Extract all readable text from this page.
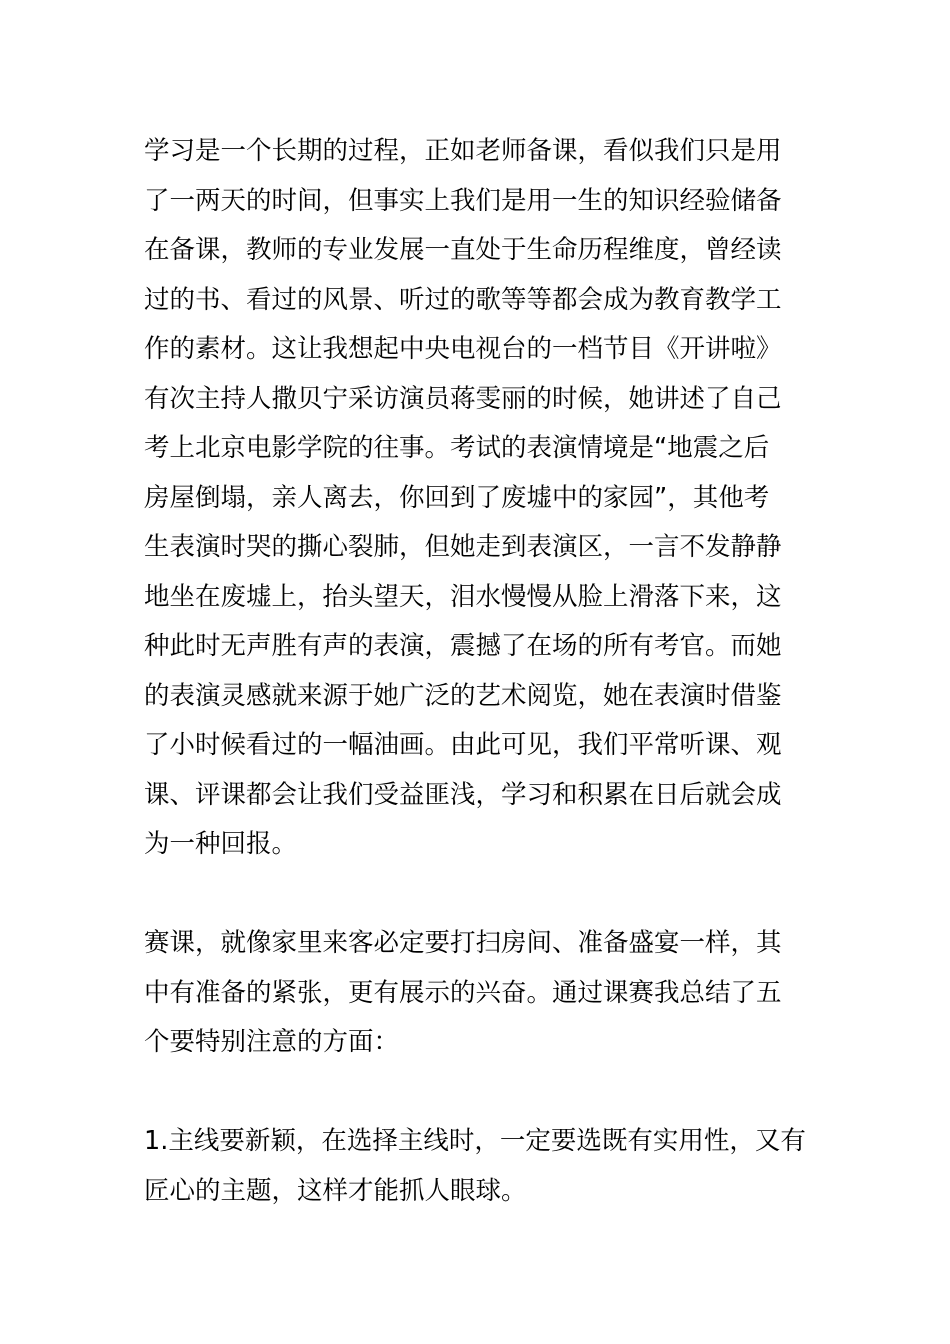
学习是一个长期的过程，正如老师备课，看似我们只是用
了一两天的时间，但事实上我们是用一生的知识经验储备
在备课，教师的专业发展一直处于生命历程维度，曾经读
过的书、看过的风景、听过的歌等等都会成为教育教学工
作的素材。这让我想起中央电视台的一档节目《开讲啦》
有次主持人撒贝宁采访演员蒋雯丽的时候，她讲述了自己
考上北京电影学院的往事。考试的表演情境是“地震之后
房屋倒塌，亲人离去，你回到了废墟中的家园”，其他考
生表演时哭的撕心裂肺，但她走到表演区，一言不发静静
地坐在废墟上，抬头望天，泪水慢慢从脸上滑落下来，这
种此时无声胜有声的表演，震撼了在场的所有考官。而她
的表演灵感就来源于她广泛的艺术阅览，她在表演时借鉴
了小时候看过的一幅油画。由此可见，我们平常听课、观
课、评课都会让我们受益匪浅，学习和积累在日后就会成
为一种回报。
赛课，就像家里来客必定要打扫房间、准备盛宴一样，其
中有准备的紧张，更有展示的兴奋。通过课赛我总结了五
个要特别注意的方面：
1.主线要新颖，在选择主线时，一定要选既有实用性，又有
匠心的主题，这样才能抓人眼球。
